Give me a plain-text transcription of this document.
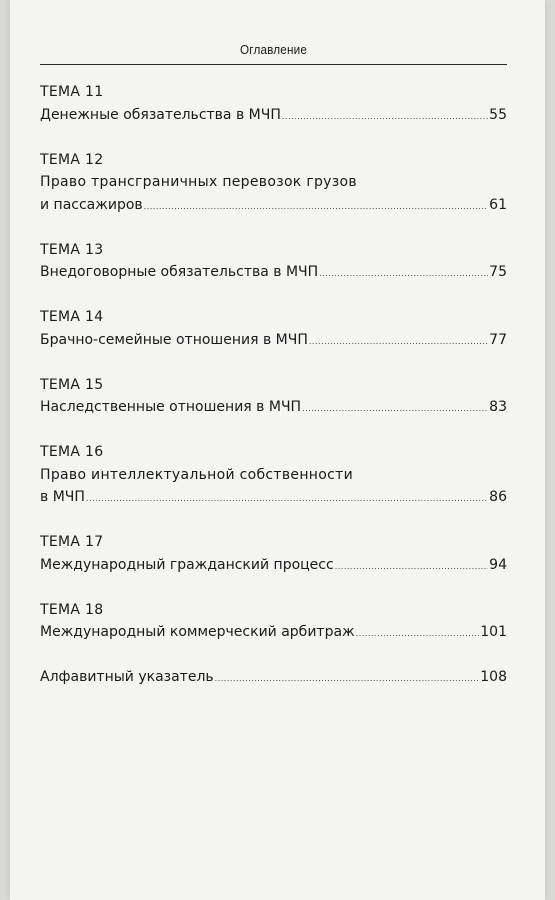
Оглавление
ТЕМА 11
Денежные обязательства в МЧП .....	55
ТЕМА 12
Право трансграничных перевозок грузов
и пассажиров .....	61
ТЕМА 13
Внедоговорные обязательства в МЧП .....	75
ТЕМА 14
Брачно-семейные отношения в МЧП .....	77
ТЕМА 15
Наследственные отношения в МЧП .....	83
ТЕМА 16
Право интеллектуальной собственности
в МЧП .....	86
ТЕМА 17
Международный гражданский процесс .....	94
ТЕМА 18
Международный коммерческий арбитраж .....	101
Алфавитный указатель .....	108
